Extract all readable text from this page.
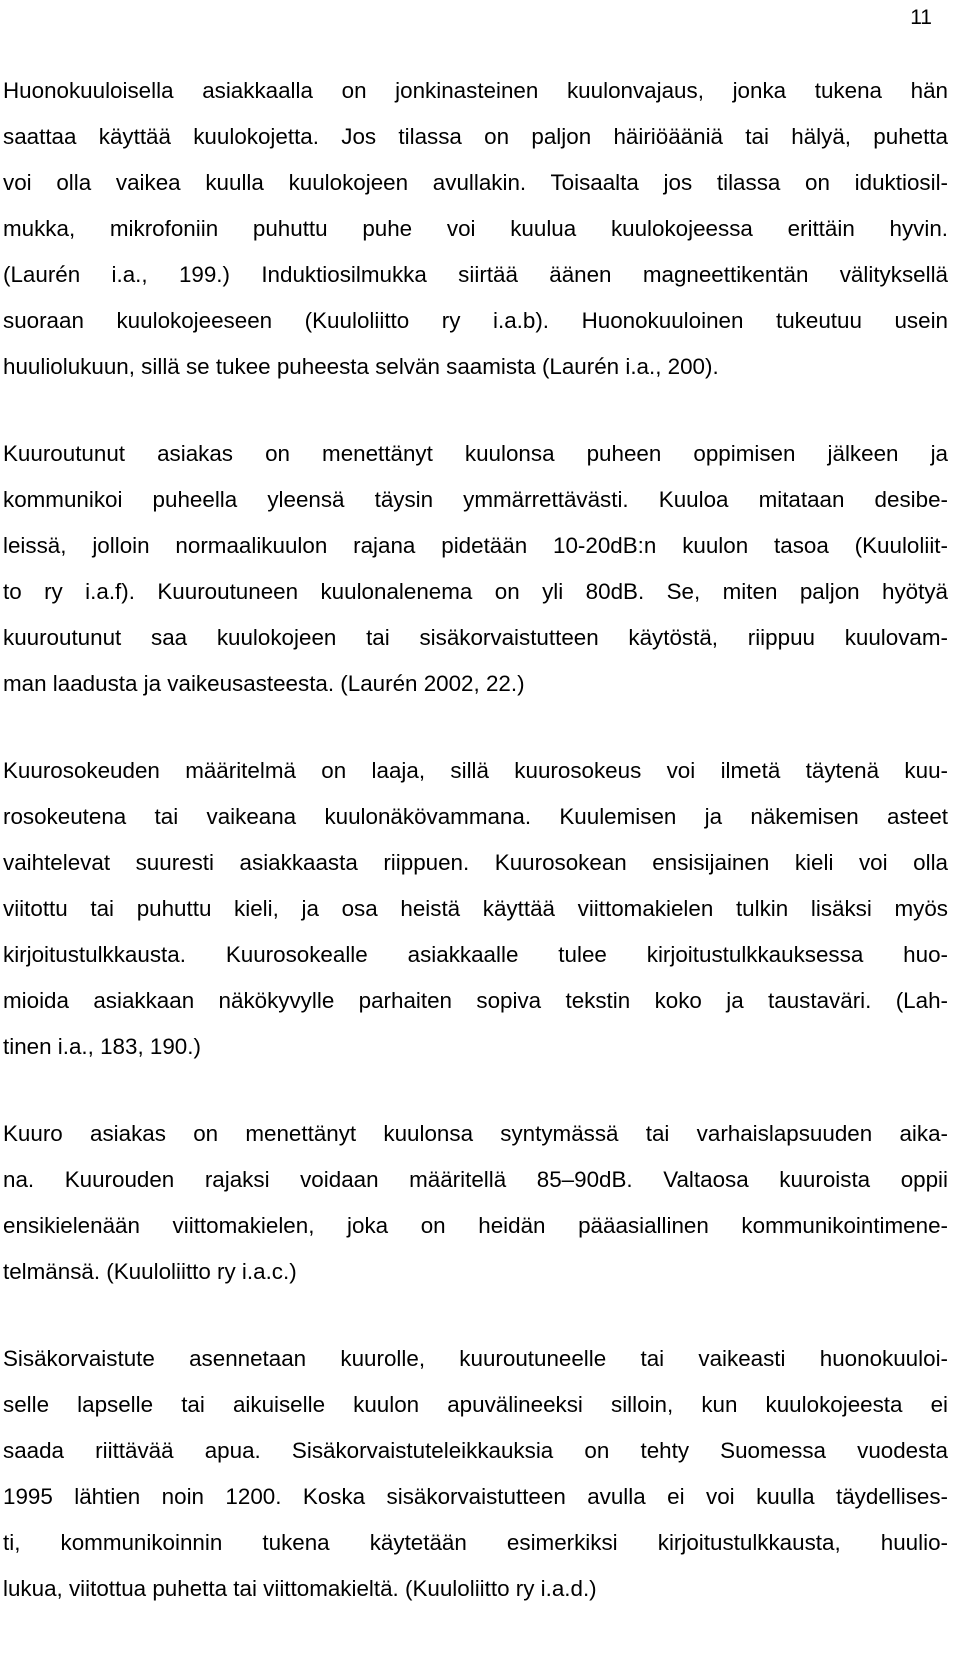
11
Huonokuuloisella asiakkaalla on jonkinasteinen kuulonvajaus, jonka tukena hän
saattaa käyttää kuulokojetta. Jos tilassa on paljon häiriöääniä tai hälyä, puhetta
voi olla vaikea kuulla kuulokojeen avullakin. Toisaalta jos tilassa on iduktiosil-
mukka, mikrofoniin puhuttu puhe voi kuulua kuulokojeessa erittäin hyvin.
(Laurén i.a., 199.) Induktiosilmukka siirtää äänen magneettikentän välityksellä
suoraan kuulokojeeseen (Kuuloliitto ry i.a.b). Huonokuuloinen tukeutuu usein
huuliolukuun, sillä se tukee puheesta selvän saamista (Laurén i.a., 200).
Kuuroutunut asiakas on menettänyt kuulonsa puheen oppimisen jälkeen ja
kommunikoi puheella yleensä täysin ymmärrettävästi. Kuuloa mitataan desibe-
leissä, jolloin normaalikuulon rajana pidetään 10-20dB:n kuulon tasoa (Kuuloliit-
to ry i.a.f). Kuuroutuneen kuulonalenema on yli 80dB. Se, miten paljon hyötyä
kuuroutunut saa kuulokojeen tai sisäkorvaistutteen käytöstä, riippuu kuulovam-
man laadusta ja vaikeusasteesta. (Laurén 2002, 22.)
Kuurosokeuden määritelmä on laaja, sillä kuurosokeus voi ilmetä täytenä kuu-
rosokeutena tai vaikeana kuulonäkövammana. Kuulemisen ja näkemisen asteet
vaihtelevat suuresti asiakkaasta riippuen. Kuurosokean ensisijainen kieli voi olla
viitottu tai puhuttu kieli, ja osa heistä käyttää viittomakielen tulkin lisäksi myös
kirjoitustulkkausta. Kuurosokealle asiakkaalle tulee kirjoitustulkkauksessa huo-
mioida asiakkaan näkökyvylle parhaiten sopiva tekstin koko ja taustaväri. (Lah-
tinen i.a., 183, 190.)
Kuuro asiakas on menettänyt kuulonsa syntymässä tai varhaislapsuuden aika-
na. Kuurouden rajaksi voidaan määritellä 85–90dB. Valtaosa kuuroista oppii
ensikielenään viittomakielen, joka on heidän pääasiallinen kommunikointimene-
telmänsä. (Kuuloliitto ry i.a.c.)
Sisäkorvaistute asennetaan kuurolle, kuuroutuneelle tai vaikeasti huonokuuloi-
selle lapselle tai aikuiselle kuulon apuvälineeksi silloin, kun kuulokojeesta ei
saada riittävää apua. Sisäkorvaistuteleikkauksia on tehty Suomessa vuodesta
1995 lähtien noin 1200. Koska sisäkorvaistutteen avulla ei voi kuulla täydellises-
ti, kommunikoinnin tukena käytetään esimerkiksi kirjoitustulkkausta, huulio-
lukua, viitottua puhetta tai viittomakieltä. (Kuuloliitto ry i.a.d.)
